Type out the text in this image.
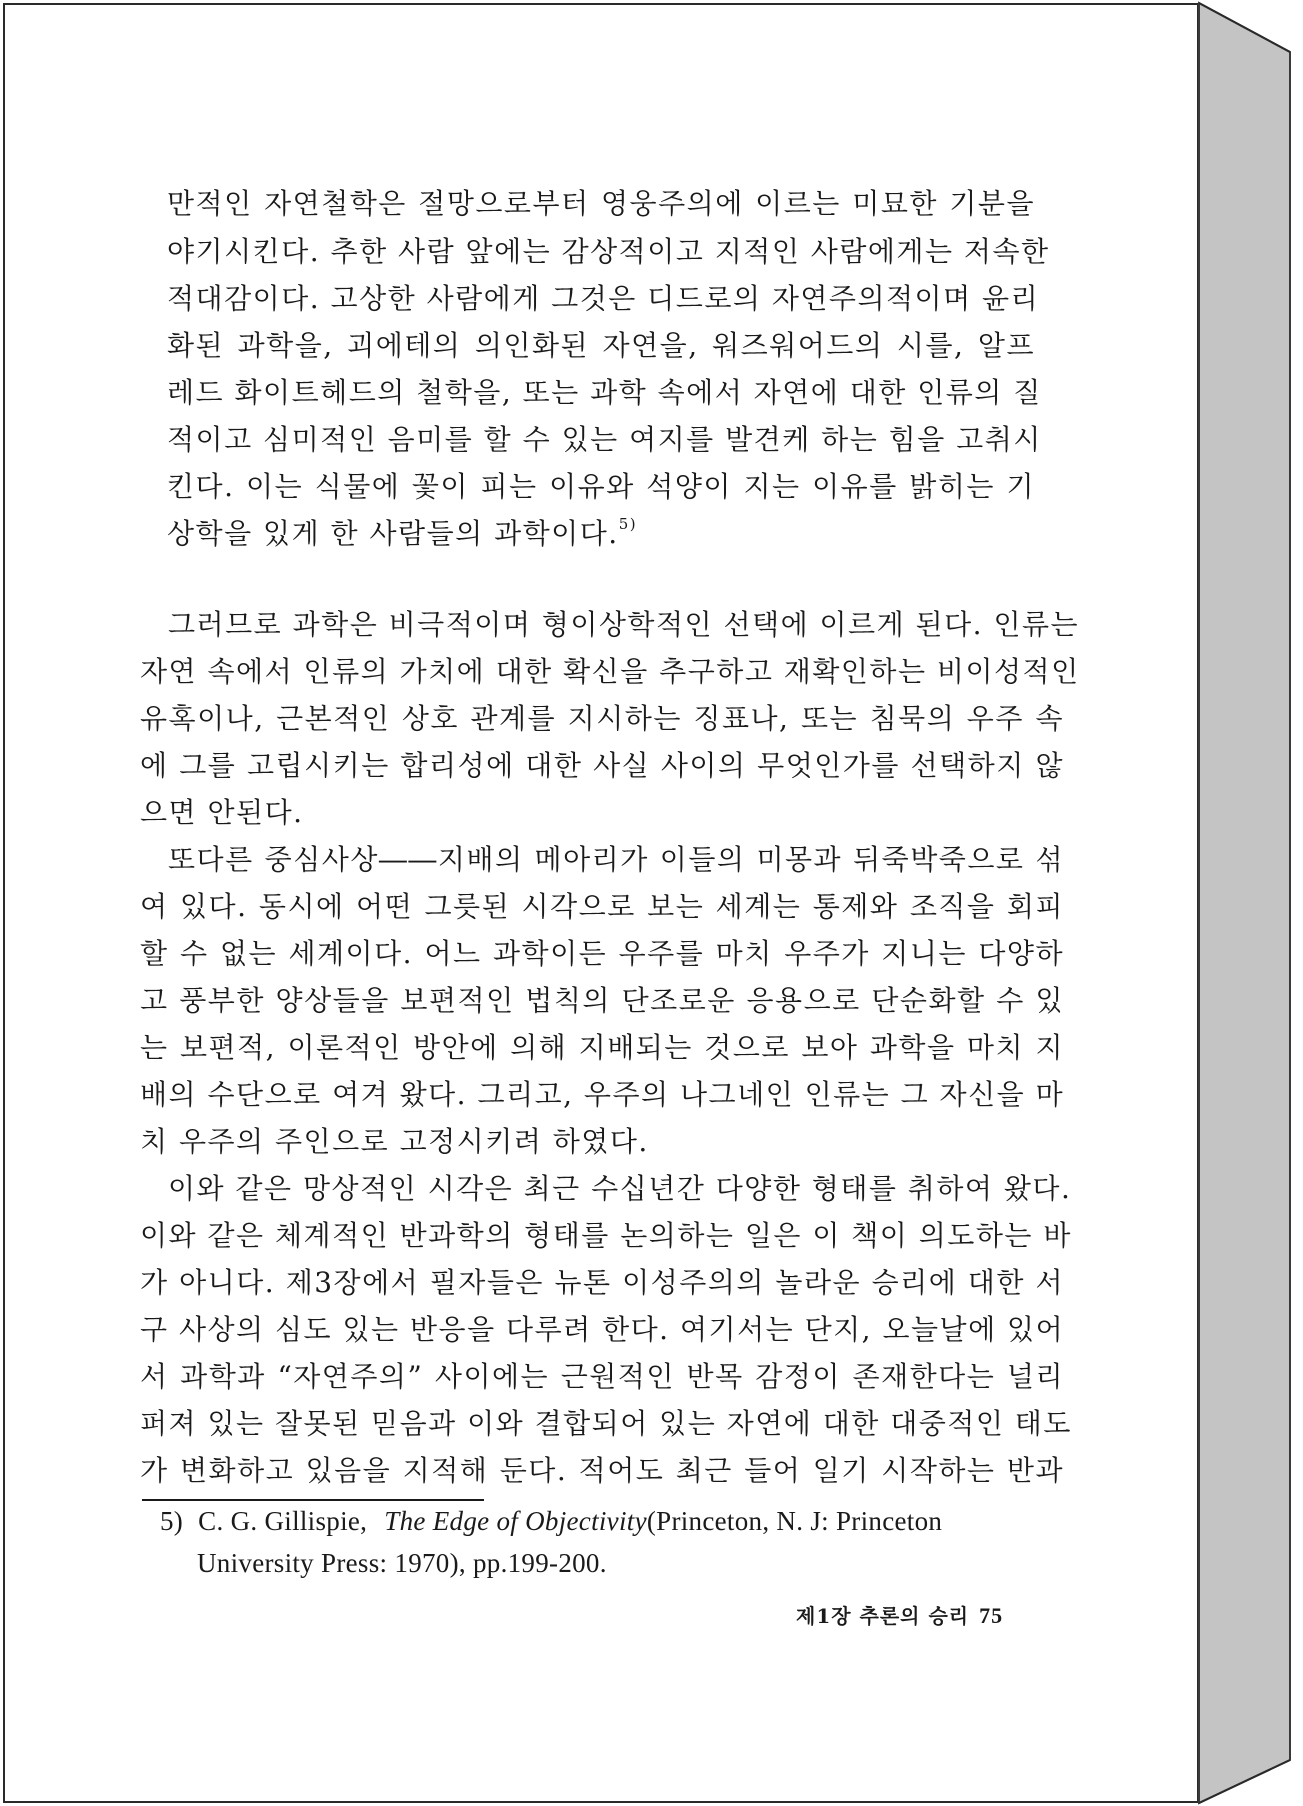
만적인 자연철학은 절망으로부터 영웅주의에 이르는 미묘한 기분을
야기시킨다. 추한 사람 앞에는 감상적이고 지적인 사람에게는 저속한
적대감이다. 고상한 사람에게 그것은 디드로의 자연주의적이며 윤리
화된 과학을, 괴에테의 의인화된 자연을, 워즈워어드의 시를, 알프
레드 화이트헤드의 철학을, 또는 과학 속에서 자연에 대한 인류의 질
적이고 심미적인 음미를 할 수 있는 여지를 발견케 하는 힘을 고취시
킨다. 이는 식물에 꽃이 피는 이유와 석양이 지는 이유를 밝히는 기
상학을 있게 한 사람들의 과학이다.$^{5)}$
그러므로 과학은 비극적이며 형이상학적인 선택에 이르게 된다. 인류는
자연 속에서 인류의 가치에 대한 확신을 추구하고 재확인하는 비이성적인
유혹이나, 근본적인 상호 관계를 지시하는 징표나, 또는 침묵의 우주 속
에 그를 고립시키는 합리성에 대한 사실 사이의 무엇인가를 선택하지 않
으면 안된다.
또다른 중심사상――지배의 메아리가 이들의 미몽과 뒤죽박죽으로 섞
여 있다. 동시에 어떤 그릇된 시각으로 보는 세계는 통제와 조직을 회피
할 수 없는 세계이다. 어느 과학이든 우주를 마치 우주가 지니는 다양하
고 풍부한 양상들을 보편적인 법칙의 단조로운 응용으로 단순화할 수 있
는 보편적, 이론적인 방안에 의해 지배되는 것으로 보아 과학을 마치 지
배의 수단으로 여겨 왔다. 그리고, 우주의 나그네인 인류는 그 자신을 마
치 우주의 주인으로 고정시키려 하였다.
이와 같은 망상적인 시각은 최근 수십년간 다양한 형태를 취하여 왔다.
이와 같은 체계적인 반과학의 형태를 논의하는 일은 이 책이 의도하는 바
가 아니다. 제3장에서 필자들은 뉴톤 이성주의의 놀라운 승리에 대한 서
구 사상의 심도 있는 반응을 다루려 한다. 여기서는 단지, 오늘날에 있어
서 과학과 “자연주의” 사이에는 근원적인 반목 감정이 존재한다는 널리
퍼져 있는 잘못된 믿음과 이와 결합되어 있는 자연에 대한 대중적인 태도
가 변화하고 있음을 지적해 둔다. 적어도 최근 들어 일기 시작하는 반과
5) C. G. Gillispie, The Edge of Objectivity(Princeton, N. J: Princeton
University Press: 1970), pp.199-200.
제1장 추론의 승리 75
